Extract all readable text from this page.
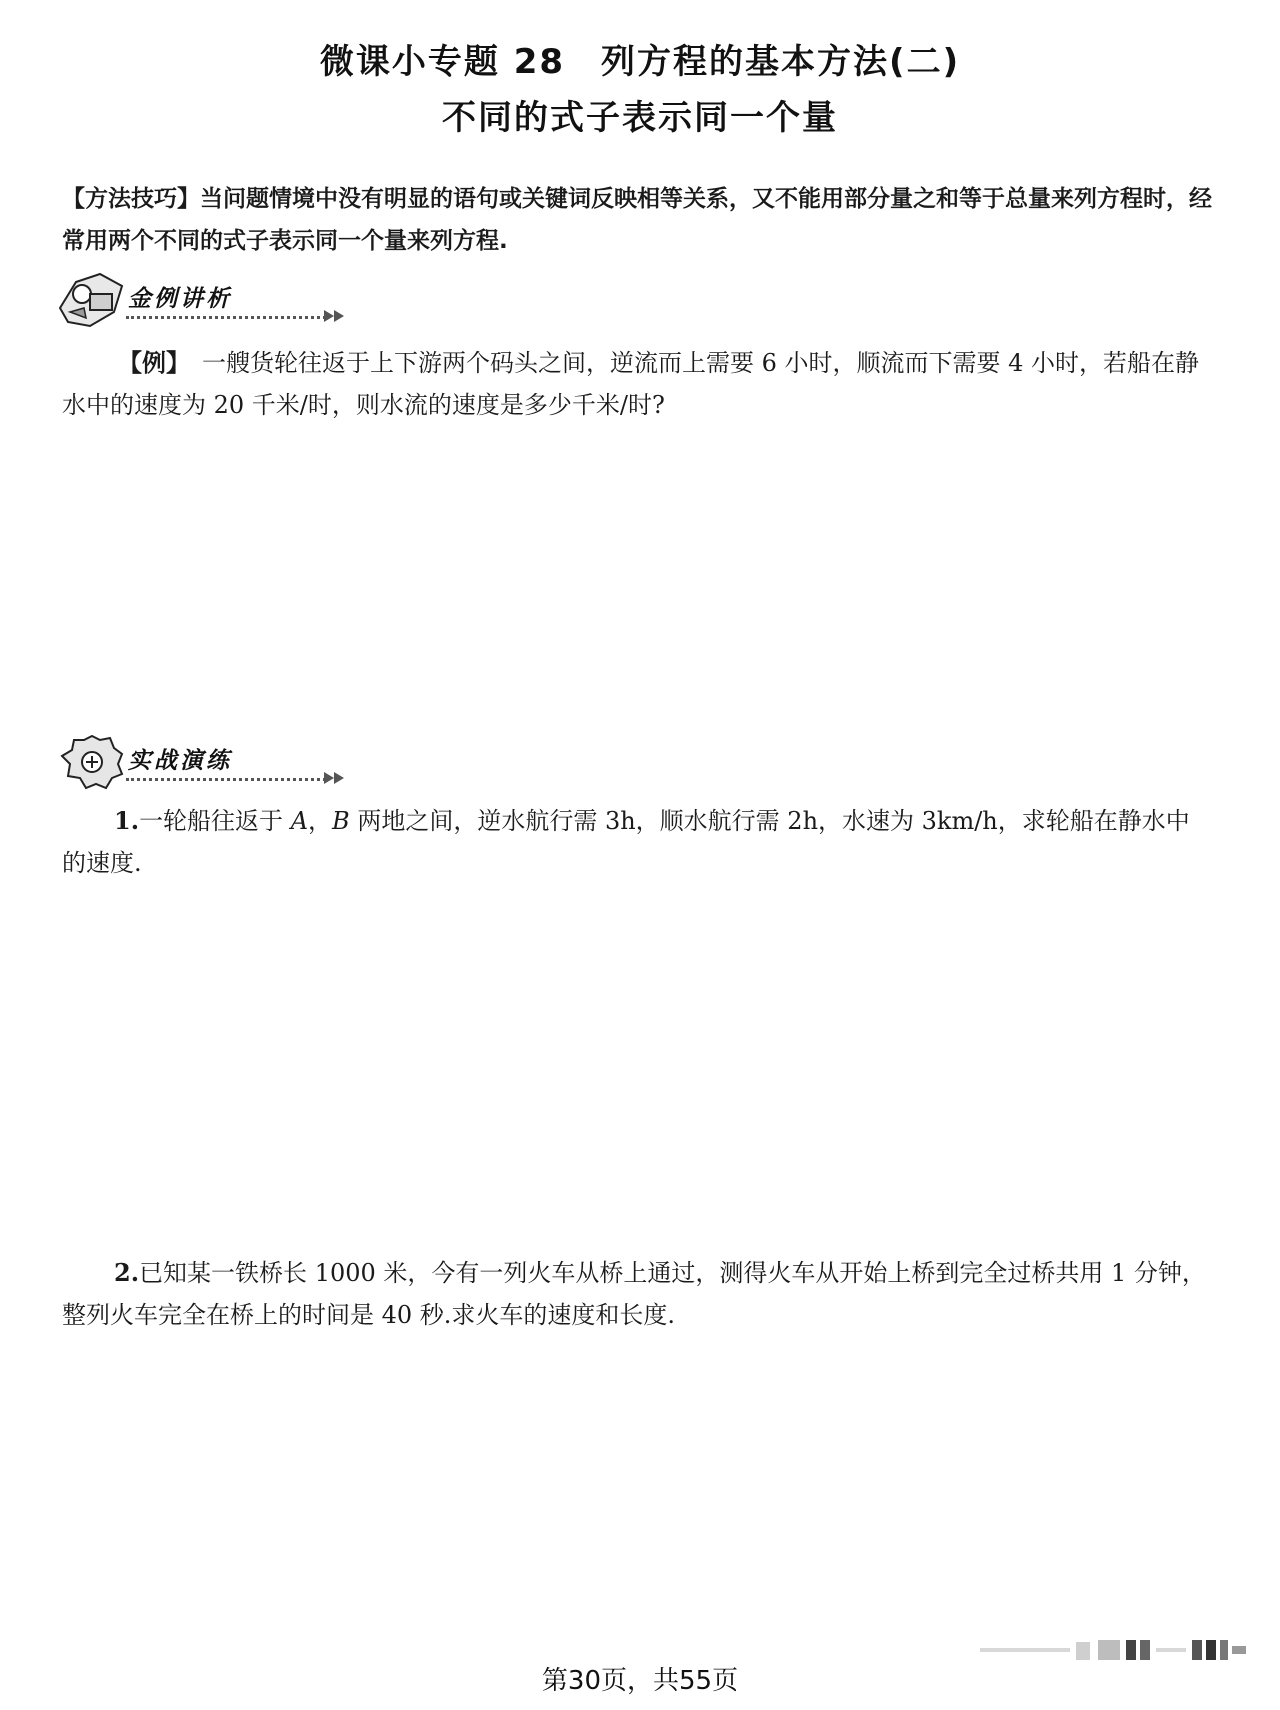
微课小专题 28　列方程的基本方法(二)
不同的式子表示同一个量
【方法技巧】当问题情境中没有明显的语句或关键词反映相等关系，又不能用部分量之和等于总量来列方程时，经常用两个不同的式子表示同一个量来列方程.
金例讲析
【例】　 一艘货轮往返于上下游两个码头之间，逆流而上需要 6 小时，顺流而下需要 4 小时，若船在静水中的速度为 20 千米/时，则水流的速度是多少千米/时?
实战演练
1.一轮船往返于 A，B 两地之间，逆水航行需 3h，顺水航行需 2h，水速为 3km/h，求轮船在静水中的速度.
2.已知某一铁桥长 1000 米，今有一列火车从桥上通过，测得火车从开始上桥到完全过桥共用 1 分钟，整列火车完全在桥上的时间是 40 秒.求火车的速度和长度.
第30页，共55页
